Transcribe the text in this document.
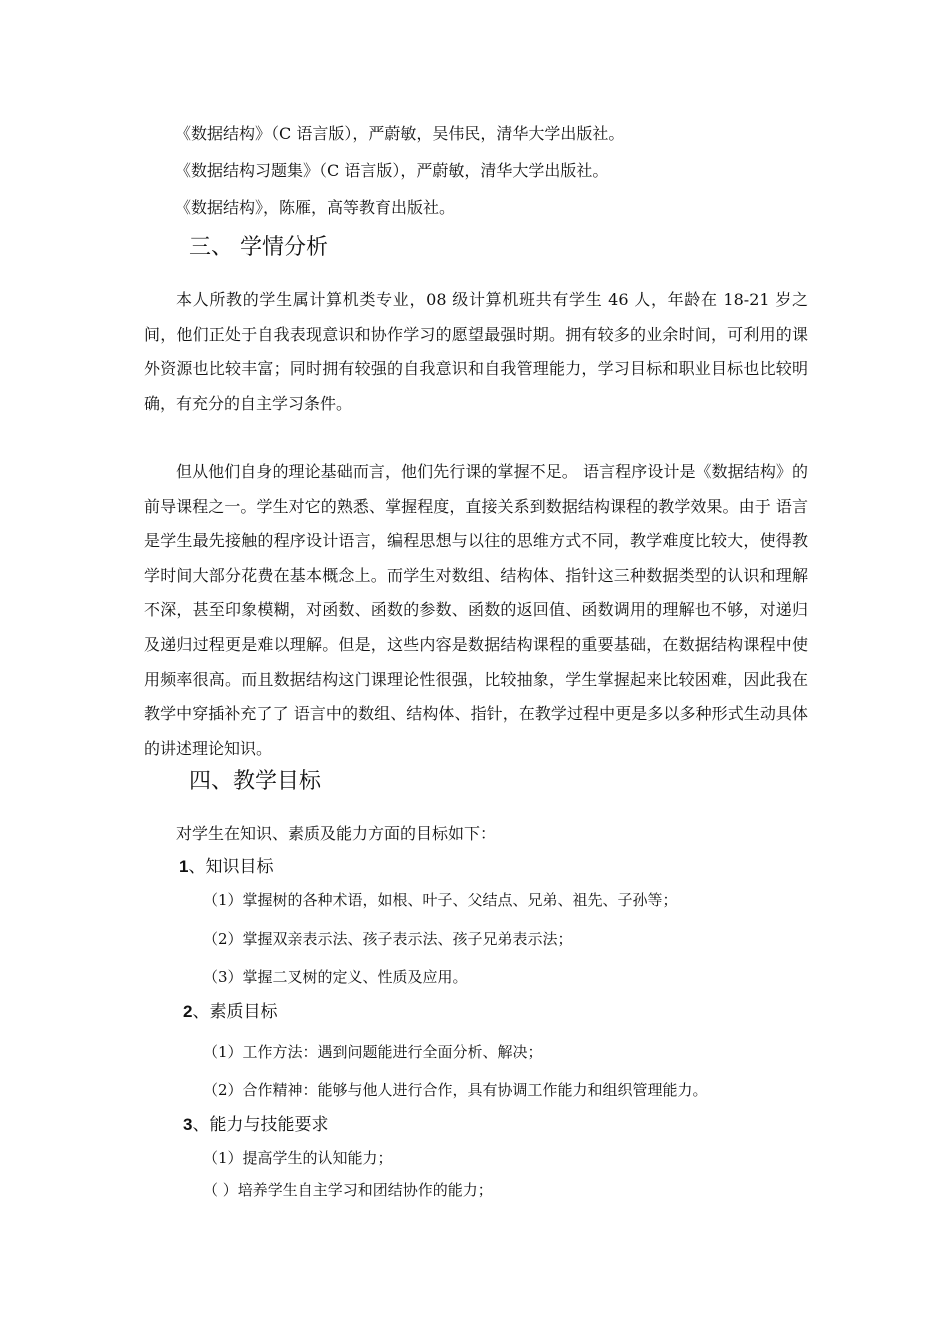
《数据结构》（C 语言版），严蔚敏，吴伟民，清华大学出版社。
《数据结构习题集》（C 语言版），严蔚敏，清华大学出版社。
《数据结构》，陈雁，高等教育出版社。
三、 学情分析
本人所教的学生属计算机类专业，08 级计算机班共有学生 46 人，年龄在 18-21 岁之间，他们正处于自我表现意识和协作学习的愿望最强时期。拥有较多的业余时间，可利用的课外资源也比较丰富；同时拥有较强的自我意识和自我管理能力，学习目标和职业目标也比较明确，有充分的自主学习条件。
但从他们自身的理论基础而言，他们先行课的掌握不足。 语言程序设计是《数据结构》的前导课程之一。学生对它的熟悉、掌握程度，直接关系到数据结构课程的教学效果。由于 语言是学生最先接触的程序设计语言，编程思想与以往的思维方式不同，教学难度比较大，使得教学时间大部分花费在基本概念上。而学生对数组、结构体、指针这三种数据类型的认识和理解不深，甚至印象模糊，对函数、函数的参数、函数的返回值、函数调用的理解也不够，对递归及递归过程更是难以理解。但是，这些内容是数据结构课程的重要基础，在数据结构课程中使用频率很高。而且数据结构这门课理论性很强，比较抽象，学生掌握起来比较困难，因此我在教学中穿插补充了了 语言中的数组、结构体、指针，在教学过程中更是多以多种形式生动具体的讲述理论知识。
四、教学目标
对学生在知识、素质及能力方面的目标如下：
1、知识目标
（1）掌握树的各种术语，如根、叶子、父结点、兄弟、祖先、子孙等；
（2）掌握双亲表示法、孩子表示法、孩子兄弟表示法；
（3）掌握二叉树的定义、性质及应用。
2、素质目标
（1）工作方法：遇到问题能进行全面分析、解决；
（2）合作精神：能够与他人进行合作，具有协调工作能力和组织管理能力。
3、能力与技能要求
（1）提高学生的认知能力；
（ ）培养学生自主学习和团结协作的能力；
